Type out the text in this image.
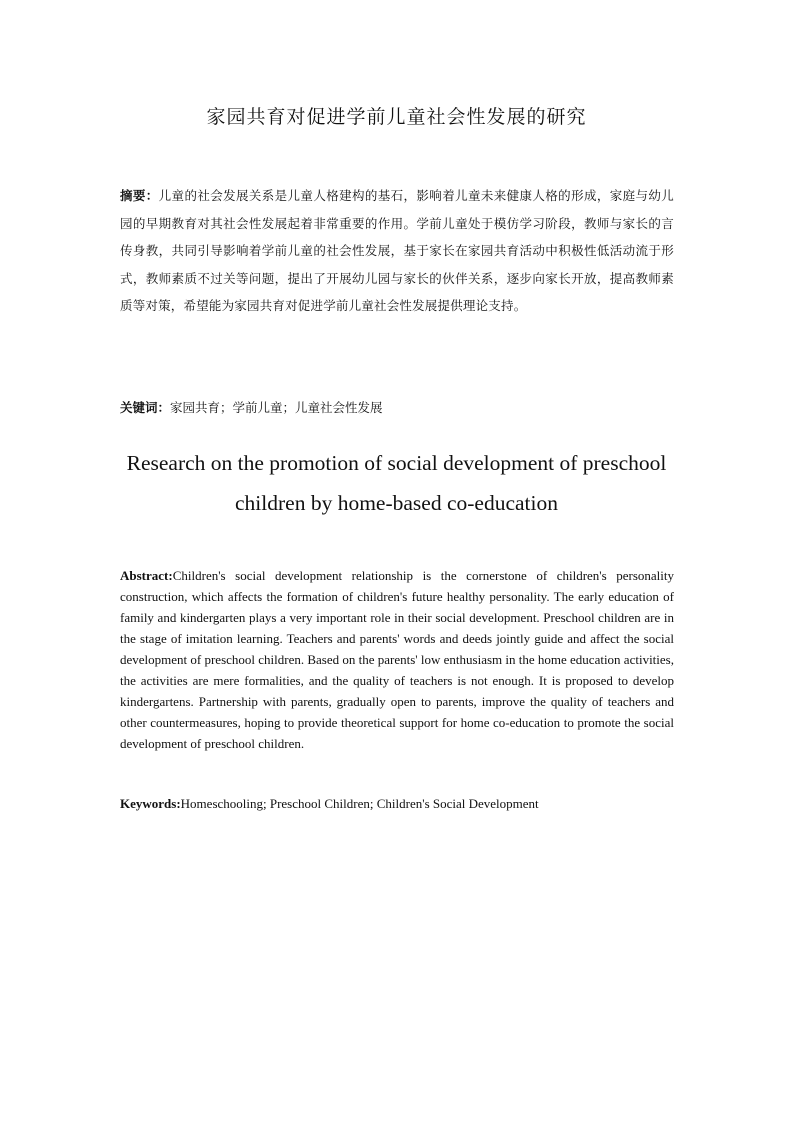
家园共育对促进学前儿童社会性发展的研究
摘要：儿童的社会发展关系是儿童人格建构的基石，影响着儿童未来健康人格的形成，家庭与幼儿园的早期教育对其社会性发展起着非常重要的作用。学前儿童处于模仿学习阶段，教师与家长的言传身教，共同引导影响着学前儿童的社会性发展，基于家长在家园共育活动中积极性低活动流于形式，教师素质不过关等问题，提出了开展幼儿园与家长的伙伴关系，逐步向家长开放，提高教师素质等对策，希望能为家园共育对促进学前儿童社会性发展提供理论支持。
关键词：家园共育；学前儿童；儿童社会性发展
Research on the promotion of social development of preschool children by home-based co-education
Abstract:Children's social development relationship is the cornerstone of children's personality construction, which affects the formation of children's future healthy personality. The early education of family and kindergarten plays a very important role in their social development. Preschool children are in the stage of imitation learning. Teachers and parents' words and deeds jointly guide and affect the social development of preschool children. Based on the parents' low enthusiasm in the home education activities, the activities are mere formalities, and the quality of teachers is not enough. It is proposed to develop kindergartens. Partnership with parents, gradually open to parents, improve the quality of teachers and other countermeasures, hoping to provide theoretical support for home co-education to promote the social development of preschool children.
Keywords:Homeschooling; Preschool Children; Children's Social Development
